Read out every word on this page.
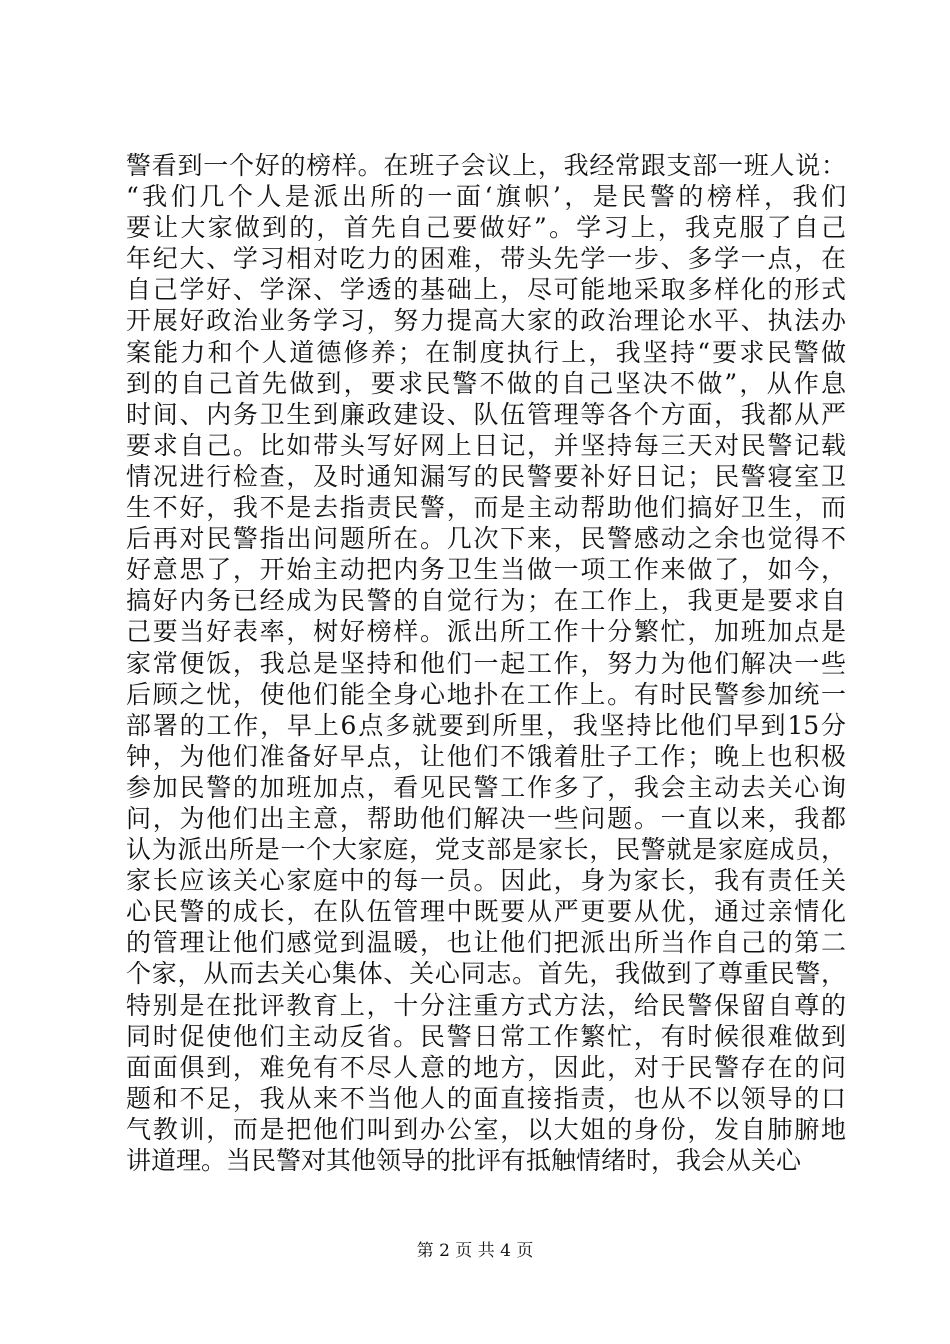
警看到一个好的榜样。在班子会议上，我经常跟支部一班人说：
“我们几个人是派出所的一面‘旗帜’，是民警的榜样，我们
要让大家做到的，首先自己要做好”。学习上，我克服了自己
年纪大、学习相对吃力的困难，带头先学一步、多学一点，在
自己学好、学深、学透的基础上，尽可能地采取多样化的形式
开展好政治业务学习，努力提高大家的政治理论水平、执法办
案能力和个人道德修养；在制度执行上，我坚持“要求民警做
到的自己首先做到，要求民警不做的自己坚决不做”，从作息
时间、内务卫生到廉政建设、队伍管理等各个方面，我都从严
要求自己。比如带头写好网上日记，并坚持每三天对民警记载
情况进行检查，及时通知漏写的民警要补好日记；民警寝室卫
生不好，我不是去指责民警，而是主动帮助他们搞好卫生，而
后再对民警指出问题所在。几次下来，民警感动之余也觉得不
好意思了，开始主动把内务卫生当做一项工作来做了，如今，
搞好内务已经成为民警的自觉行为；在工作上，我更是要求自
己要当好表率，树好榜样。派出所工作十分繁忙，加班加点是
家常便饭，我总是坚持和他们一起工作，努力为他们解决一些
后顾之忧，使他们能全身心地扑在工作上。有时民警参加统一
部署的工作，早上6点多就要到所里，我坚持比他们早到15分
钟，为他们准备好早点，让他们不饿着肚子工作；晚上也积极
参加民警的加班加点，看见民警工作多了，我会主动去关心询
问，为他们出主意，帮助他们解决一些问题。一直以来，我都
认为派出所是一个大家庭，党支部是家长，民警就是家庭成员，
家长应该关心家庭中的每一员。因此，身为家长，我有责任关
心民警的成长，在队伍管理中既要从严更要从优，通过亲情化
的管理让他们感觉到温暖，也让他们把派出所当作自己的第二
个家，从而去关心集体、关心同志。首先，我做到了尊重民警，
特别是在批评教育上，十分注重方式方法，给民警保留自尊的
同时促使他们主动反省。民警日常工作繁忙，有时候很难做到
面面俱到，难免有不尽人意的地方，因此，对于民警存在的问
题和不足，我从来不当他人的面直接指责，也从不以领导的口
气教训，而是把他们叫到办公室，以大姐的身份，发自肺腑地
讲道理。当民警对其他领导的批评有抵触情绪时，我会从关心
第 2 页 共 4 页
